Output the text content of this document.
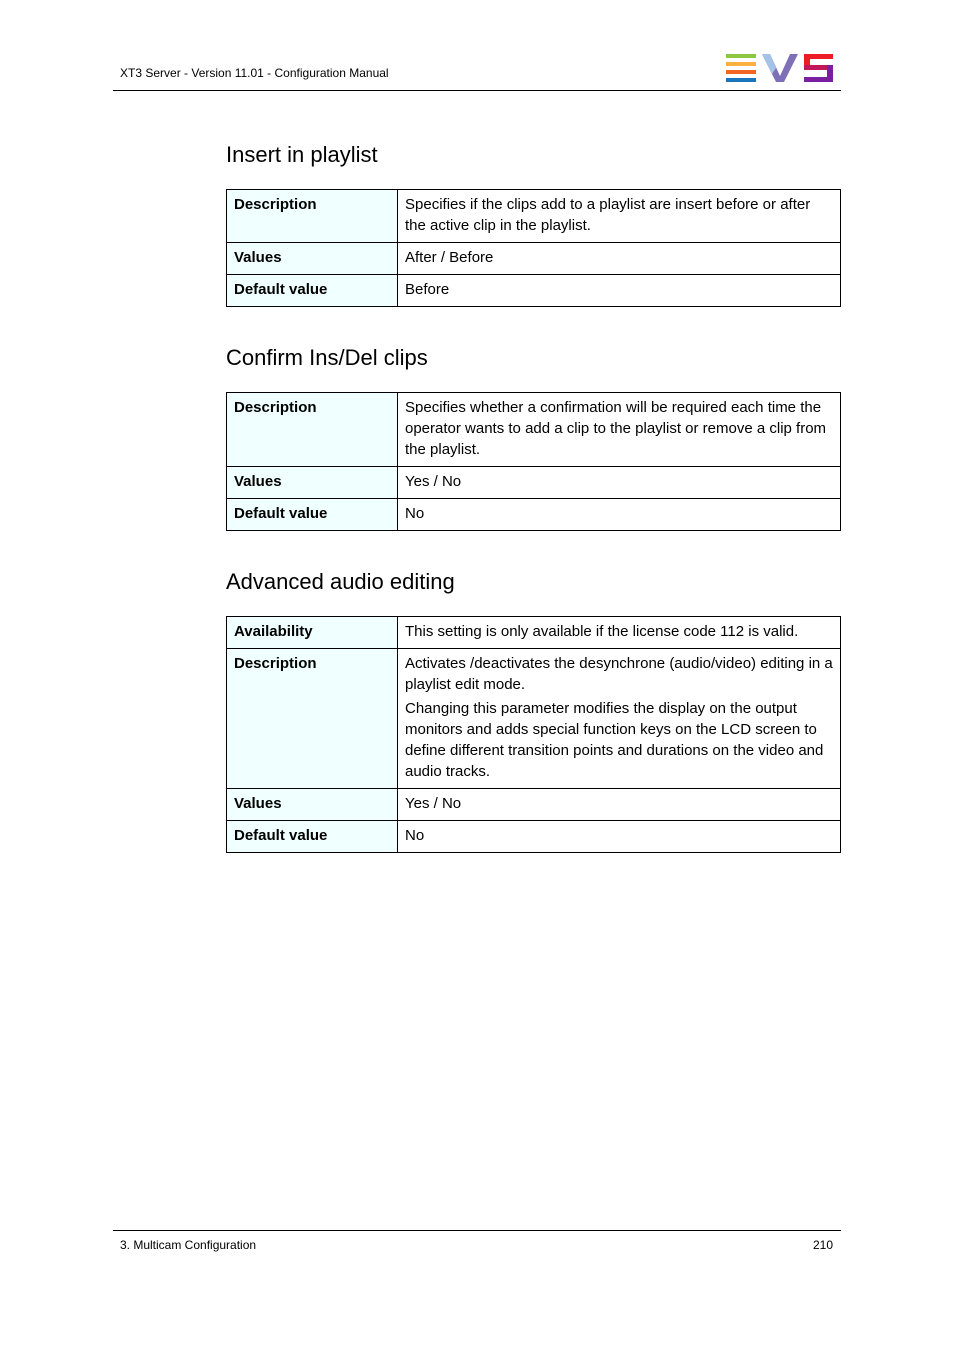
XT3 Server - Version 11.01 - Configuration Manual
Insert in playlist
Description	Specifies if the clips add to a playlist are insert before or after the active clip in the playlist.

Values	After / Before

Default value	Before

Confirm Ins/Del clips
Description	Specifies whether a confirmation will be required each time the operator wants to add a clip to the playlist or remove a clip from the playlist.

Values	Yes / No

Default value	No

Advanced audio editing
Availability	This setting is only available if the license code 112 is valid.

Description	Activates /deactivates the desynchrone (audio/video) editing in a playlist edit mode.

Changing this parameter modifies the display on the output monitors and adds special function keys on the LCD screen to define different transition points and durations on the video and audio tracks.

Values	Yes / No

Default value	No

3. Multicam Configuration	210
